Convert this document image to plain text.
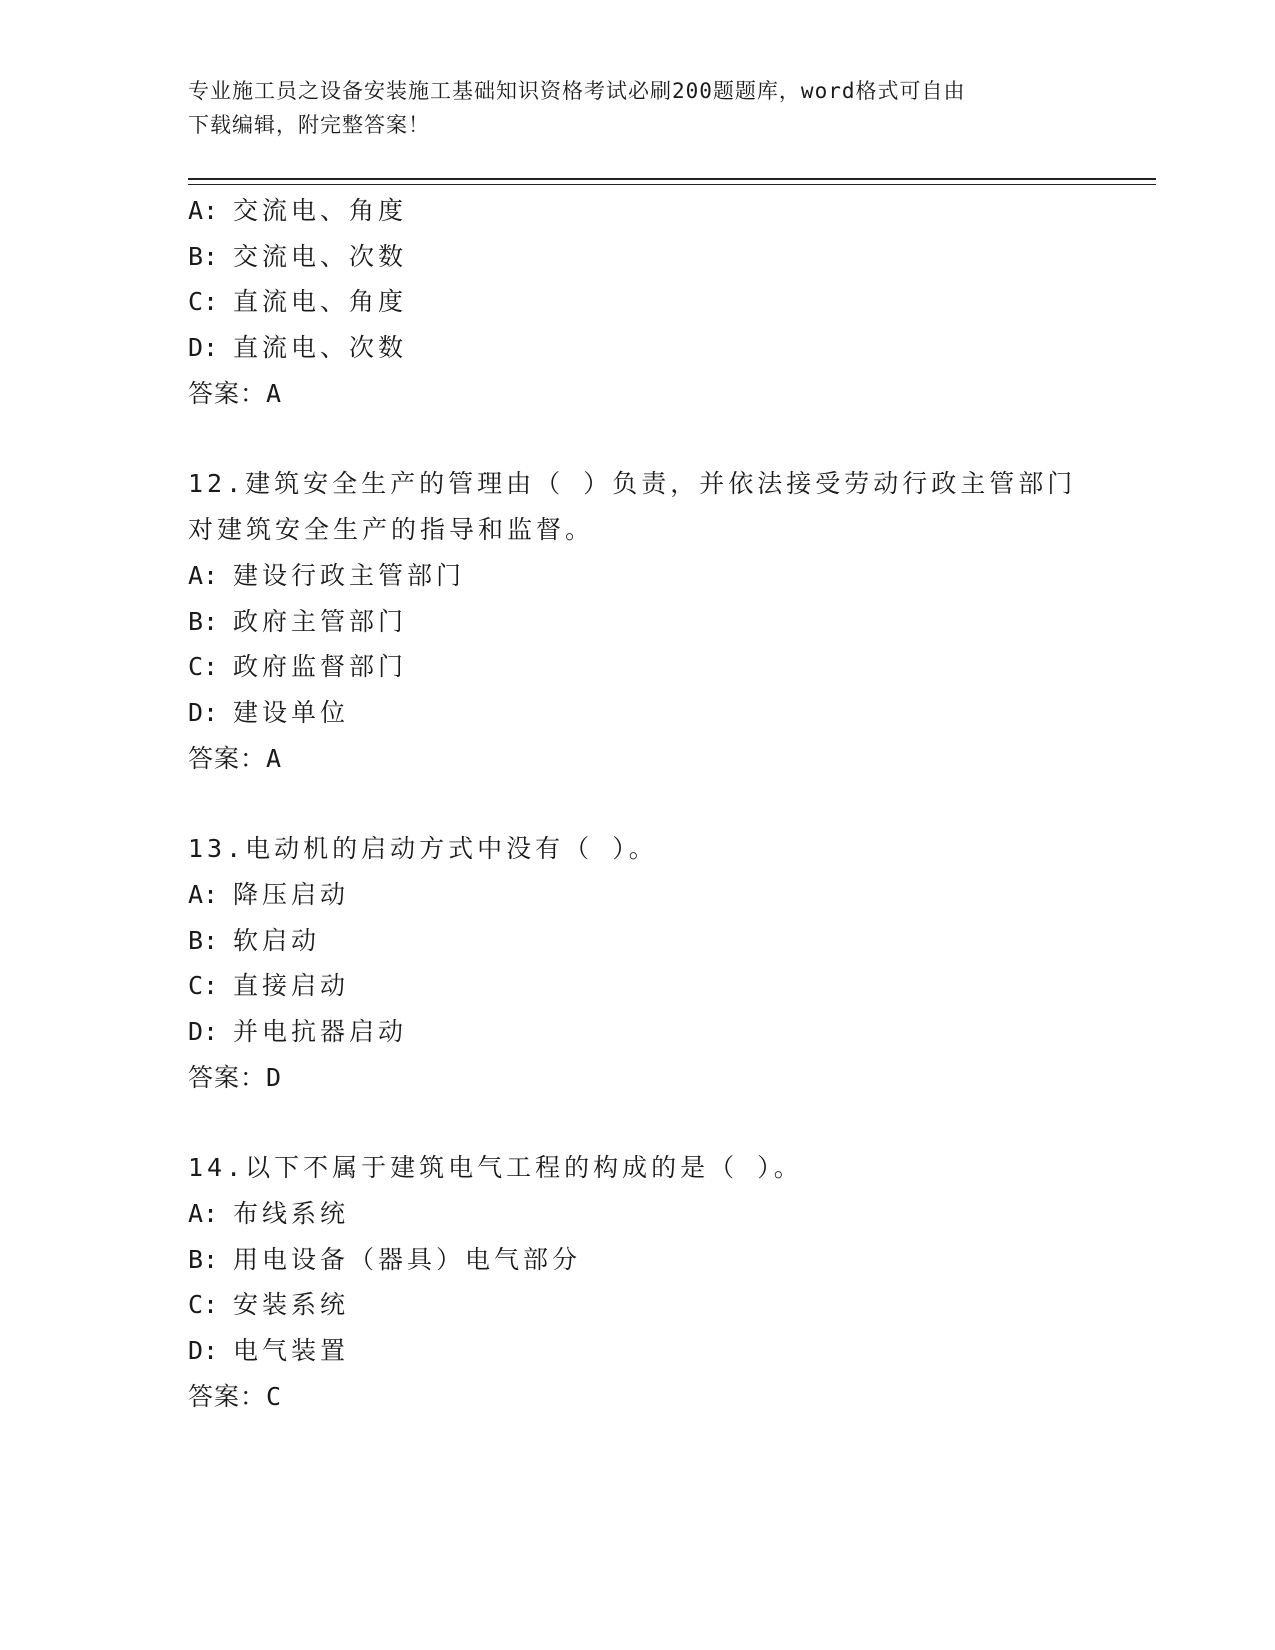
专业施工员之设备安装施工基础知识资格考试必刷200题题库，word格式可自由
下载编辑，附完整答案！
A: 交流电、角度
B: 交流电、次数
C: 直流电、角度
D: 直流电、次数
答案：A
12.建筑安全生产的管理由（ ）负责，并依法接受劳动行政主管部门
对建筑安全生产的指导和监督。
A: 建设行政主管部门
B: 政府主管部门
C: 政府监督部门
D: 建设单位
答案：A
13.电动机的启动方式中没有（ ）。
A: 降压启动
B: 软启动
C: 直接启动
D: 并电抗器启动
答案：D
14.以下不属于建筑电气工程的构成的是（ ）。
A: 布线系统
B: 用电设备（器具）电气部分
C: 安装系统
D: 电气装置
答案：C
